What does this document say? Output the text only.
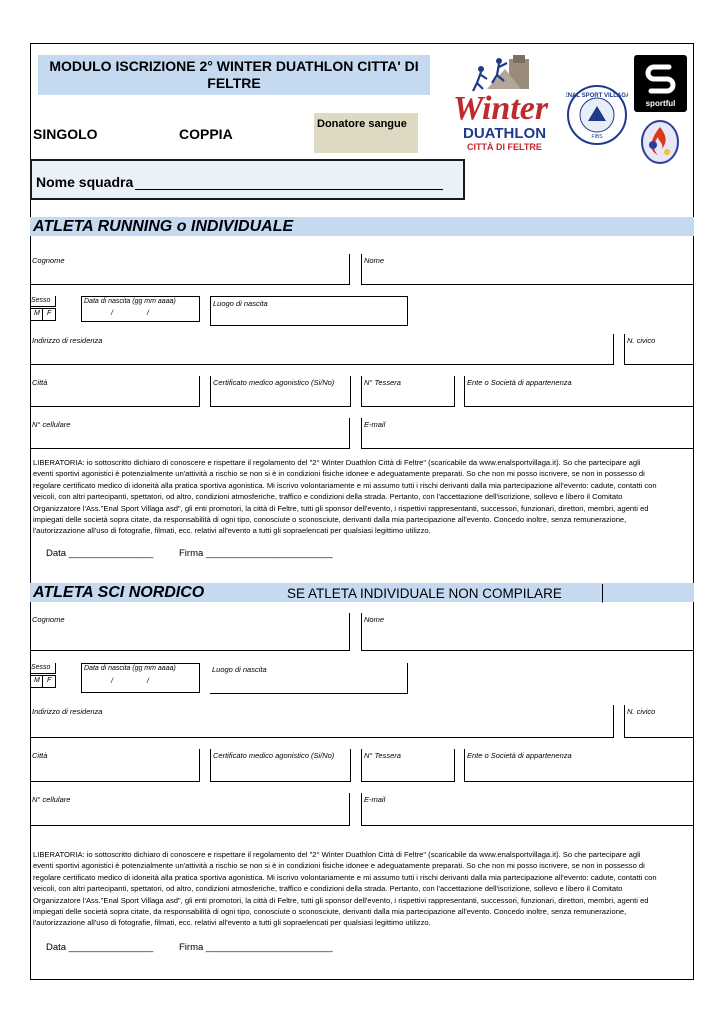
MODULO ISCRIZIONE 2° WINTER DUATHLON CITTA' DI FELTRE
SINGOLO	COPPIA
Donatore sangue
Nome squadra
Winter
DUATHLON
CITTÀ DI FELTRE
ENAL SPORT VILLAGA
FIBS
sportful
ATLETA RUNNING o INDIVIDUALE
Cognome	Nome
Sesso
M F
Data di nascita (gg mm aaaa)
/	/
Luogo di nascita
Indirizzo di residenza	N. civico
Città	Certificato medico agonistico (Si/No)	N° Tessera	Ente o Società di appartenenza
N° cellulare	E-mail
LIBERATORIA: io sottoscritto dichiaro di conoscere e rispettare il regolamento del "2° Winter Duathlon Città di Feltre" (scaricabile da www.enalsportvillaga.it). So che partecipare agli
eventi sportivi agonistici è potenzialmente un'attività a rischio se non si è in condizioni fisiche idonee e adeguatamente preparati. So che non mi posso iscrivere, se non in possesso di
regolare certificato medico di idoneità alla pratica sportiva agonistica. Mi iscrivo volontariamente e mi assumo tutti i rischi derivanti dalla mia partecipazione all'evento: cadute, contatti con
veicoli, con altri partecipanti, spettatori, od altro, condizioni atmosferiche, traffico e condizioni della strada. Pertanto, con l'accettazione dell'iscrizione, sollevo e libero il Comitato
Organizzatore l'Ass."Enal Sport Villaga asd", gli enti promotori, la città di Feltre, tutti gli sponsor dell'evento, i rispettivi rappresentanti, successori, funzionari, direttori, membri, agenti ed
impiegati delle società sopra citate, da responsabilità di ogni tipo, conosciute o sconosciute, derivanti dalla mia partecipazione all'evento. Concedo inoltre, senza remunerazione,
l'autorizzazione all'uso di fotografie, filmati, ecc. relativi all'evento a tutti gli sopraelencati per qualsiasi legittimo utilizzo.
Data ________________	Firma ________________________
ATLETA SCI NORDICO	SE ATLETA INDIVIDUALE NON COMPILARE
Cognome	Nome
Sesso
M F
Data di nascita (gg mm aaaa)
/	/
Luogo di nascita
Indirizzo di residenza	N. civico
Città	Certificato medico agonistico (Si/No)	N° Tessera	Ente o Società di appartenenza
N° cellulare	E-mail
LIBERATORIA: io sottoscritto dichiaro di conoscere e rispettare il regolamento del "2° Winter Duathlon Città di Feltre" (scaricabile da www.enalsportvillaga.it). So che partecipare agli
eventi sportivi agonistici è potenzialmente un'attività a rischio se non si è in condizioni fisiche idonee e adeguatamente preparati. So che non mi posso iscrivere, se non in possesso di
regolare certificato medico di idoneità alla pratica sportiva agonistica. Mi iscrivo volontariamente e mi assumo tutti i rischi derivanti dalla mia partecipazione all'evento: cadute, contatti con
veicoli, con altri partecipanti, spettatori, od altro, condizioni atmosferiche, traffico e condizioni della strada. Pertanto, con l'accettazione dell'iscrizione, sollevo e libero il Comitato
Organizzatore l'Ass."Enal Sport Villaga asd", gli enti promotori, la città di Feltre, tutti gli sponsor dell'evento, i rispettivi rappresentanti, successori, funzionari, direttori, membri, agenti ed
impiegati delle società sopra citate, da responsabilità di ogni tipo, conosciute o sconosciute, derivanti dalla mia partecipazione all'evento. Concedo inoltre, senza remunerazione,
l'autorizzazione all'uso di fotografie, filmati, ecc. relativi all'evento a tutti gli sopraelencati per qualsiasi legittimo utilizzo.
Data ________________	Firma ________________________
